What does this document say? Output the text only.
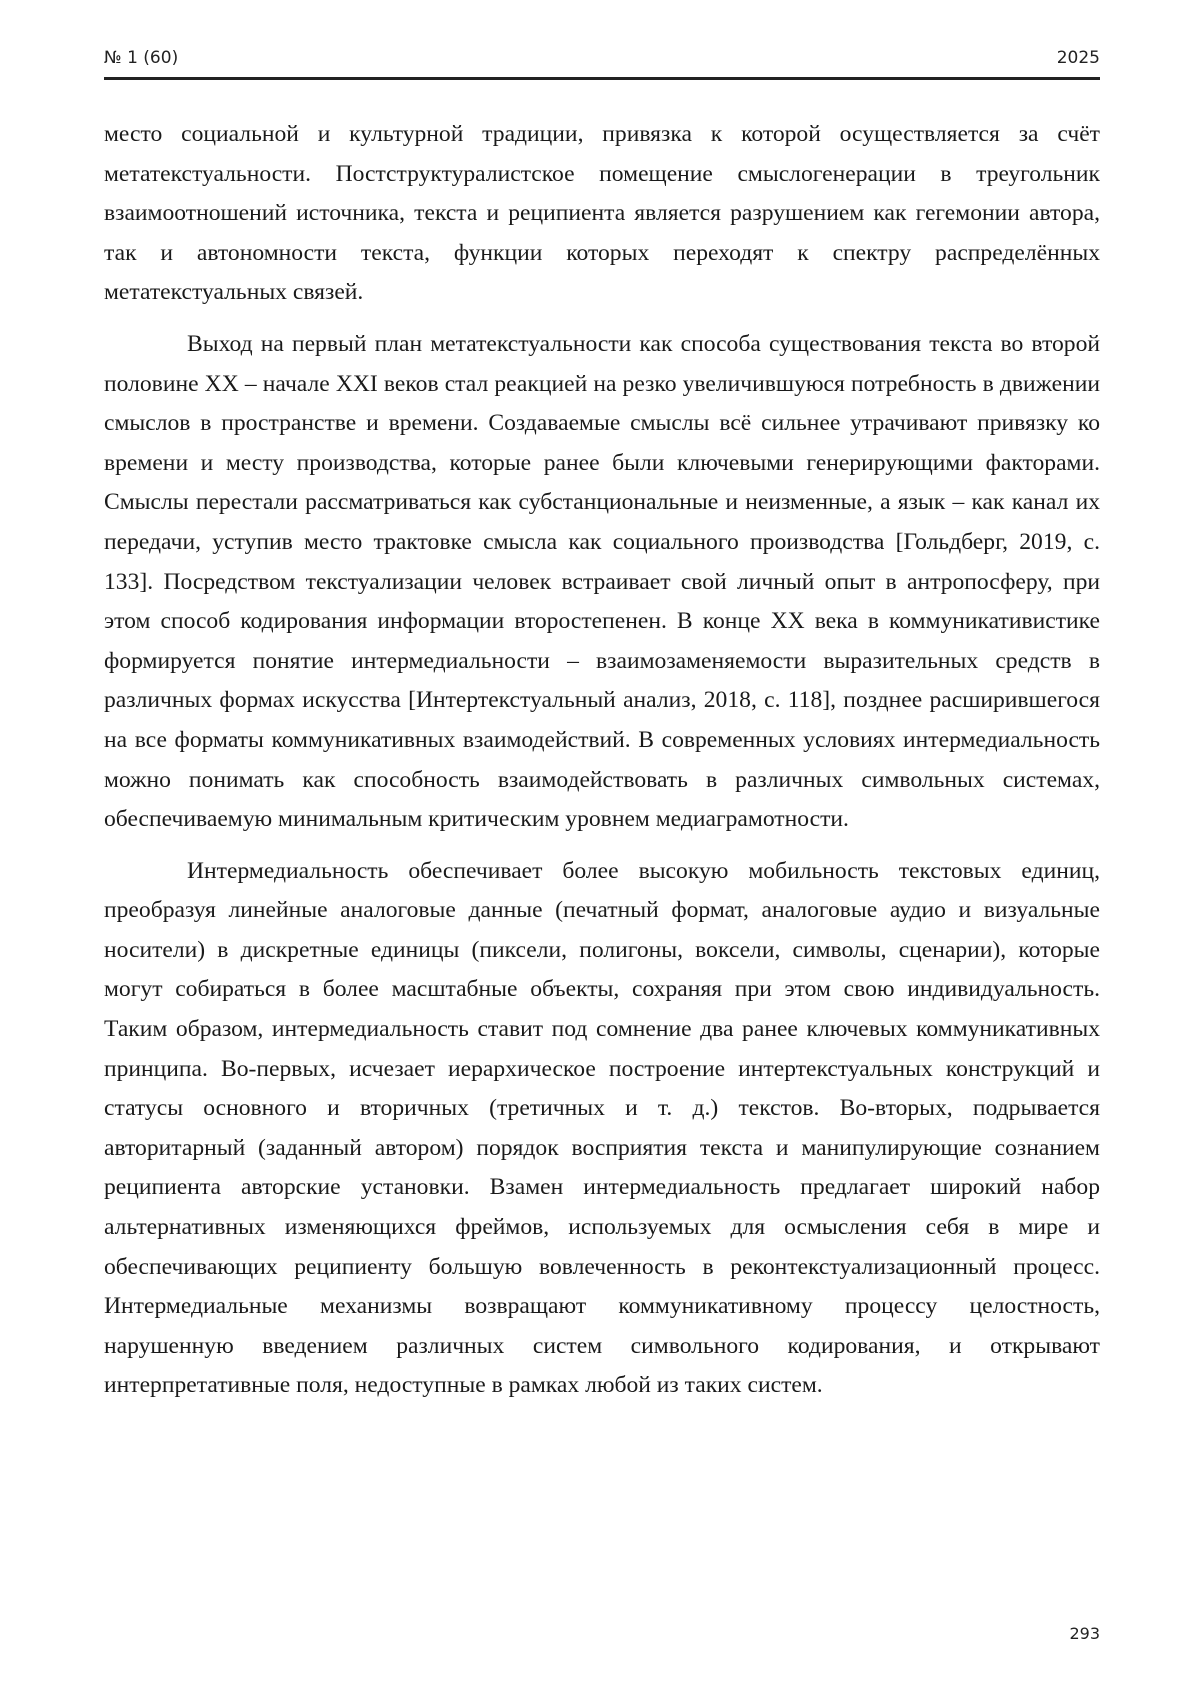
№ 1 (60)	2025

место социальной и культурной традиции, привязка к которой осуществляется за счёт метатекстуальности. Постструктуралистское помещение смыслогенерации в треугольник взаимоотношений источника, текста и реципиента является разрушением как гегемонии автора, так и автономности текста, функции которых переходят к спектру распределённых метатекстуальных связей.

Выход на первый план метатекстуальности как способа существования текста во второй половине XX – начале XXI веков стал реакцией на резко увеличившуюся потребность в движении смыслов в пространстве и времени. Создаваемые смыслы всё сильнее утрачивают привязку ко времени и месту производства, которые ранее были ключевыми генерирующими факторами. Смыслы перестали рассматриваться как субстанциональные и неизменные, а язык – как канал их передачи, уступив место трактовке смысла как социального производства [Гольдберг, 2019, с. 133]. Посредством текстуализации человек встраивает свой личный опыт в антропосферу, при этом способ кодирования информации второстепенен. В конце XX века в коммуникативистике формируется понятие интермедиальности – взаимозаменяемости выразительных средств в различных формах искусства [Интертекстуальный анализ, 2018, с. 118], позднее расширившегося на все форматы коммуникативных взаимодействий. В современных условиях интермедиальность можно понимать как способность взаимодействовать в различных символьных системах, обеспечиваемую минимальным критическим уровнем медиаграмотности.

Интермедиальность обеспечивает более высокую мобильность текстовых единиц, преобразуя линейные аналоговые данные (печатный формат, аналоговые аудио и визуальные носители) в дискретные единицы (пиксели, полигоны, воксели, символы, сценарии), которые могут собираться в более масштабные объекты, сохраняя при этом свою индивидуальность. Таким образом, интермедиальность ставит под сомнение два ранее ключевых коммуникативных принципа. Во-первых, исчезает иерархическое построение интертекстуальных конструкций и статусы основного и вторичных (третичных и т. д.) текстов. Во-вторых, подрывается авторитарный (заданный автором) порядок восприятия текста и манипулирующие сознанием реципиента авторские установки. Взамен интермедиальность предлагает широкий набор альтернативных изменяющихся фреймов, используемых для осмысления себя в мире и обеспечивающих реципиенту большую вовлеченность в реконтекстуализационный процесс. Интермедиальные механизмы возвращают коммуникативному процессу целостность, нарушенную введением различных систем символьного кодирования, и открывают интерпретативные поля, недоступные в рамках любой из таких систем.

293
